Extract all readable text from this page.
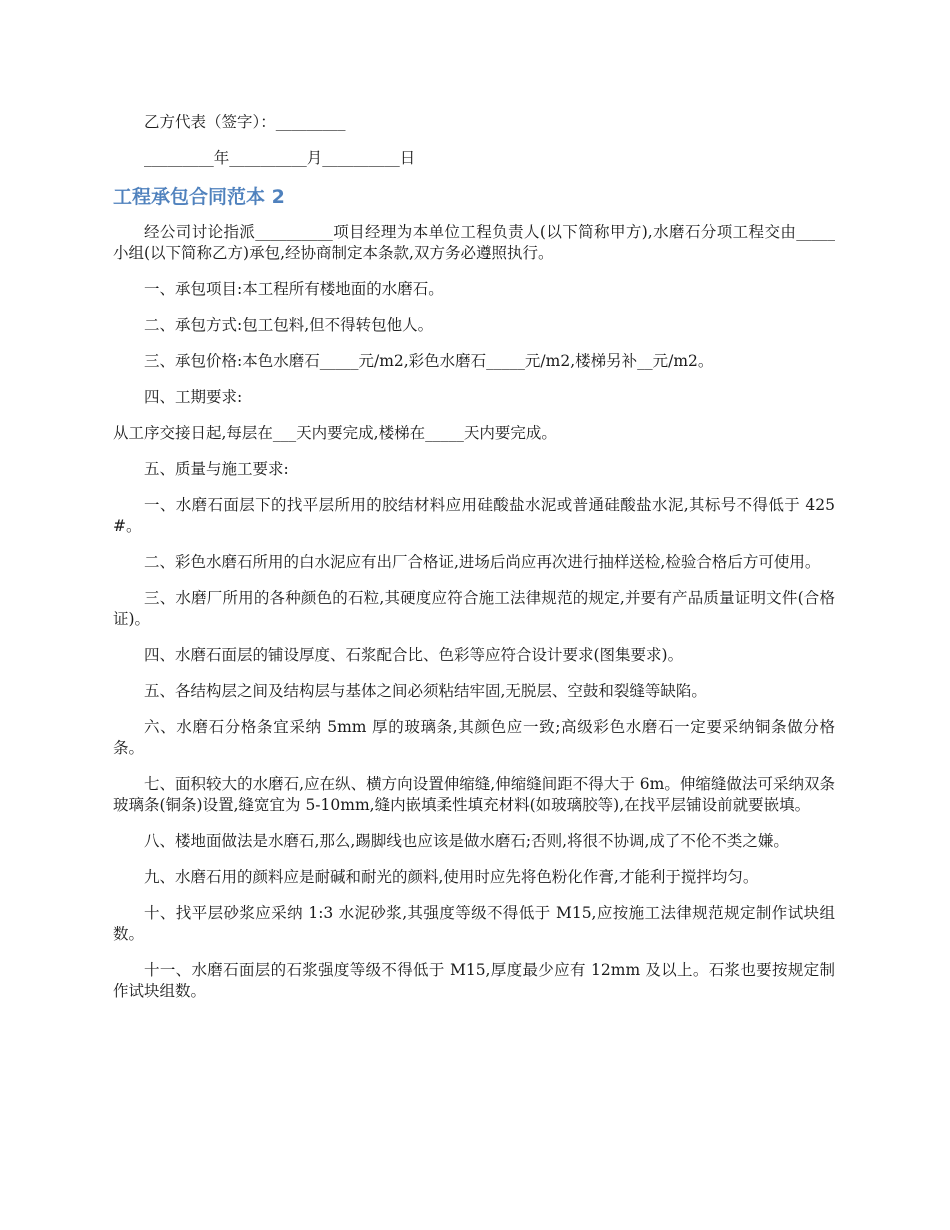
乙方代表（签字）：_________

_________年__________月__________日

工程承包合同范本 2

经公司讨论指派__________项目经理为本单位工程负责人(以下简称甲方),水磨石分项工程交由_____小组(以下简称乙方)承包,经协商制定本条款,双方务必遵照执行。

一、承包项目:本工程所有楼地面的水磨石。

二、承包方式:包工包料,但不得转包他人。

三、承包价格:本色水磨石_____元/m2,彩色水磨石_____元/m2,楼梯另补__元/m2。

四、工期要求:

从工序交接日起,每层在___天内要完成,楼梯在_____天内要完成。

五、质量与施工要求:

一、水磨石面层下的找平层所用的胶结材料应用硅酸盐水泥或普通硅酸盐水泥,其标号不得低于 425#。

二、彩色水磨石所用的白水泥应有出厂合格证,进场后尚应再次进行抽样送检,检验合格后方可使用。

三、水磨厂所用的各种颜色的石粒,其硬度应符合施工法律规范的规定,并要有产品质量证明文件(合格证)。

四、水磨石面层的铺设厚度、石浆配合比、色彩等应符合设计要求(图集要求)。

五、各结构层之间及结构层与基体之间必须粘结牢固,无脱层、空鼓和裂缝等缺陷。

六、水磨石分格条宜采纳 5mm 厚的玻璃条,其颜色应一致;高级彩色水磨石一定要采纳铜条做分格条。

七、面积较大的水磨石,应在纵、横方向设置伸缩缝,伸缩缝间距不得大于 6m。伸缩缝做法可采纳双条玻璃条(铜条)设置,缝宽宜为 5-10mm,缝内嵌填柔性填充材料(如玻璃胶等),在找平层铺设前就要嵌填。

八、楼地面做法是水磨石,那么,踢脚线也应该是做水磨石;否则,将很不协调,成了不伦不类之嫌。

九、水磨石用的颜料应是耐碱和耐光的颜料,使用时应先将色粉化作膏,才能利于搅拌均匀。

十、找平层砂浆应采纳 1:3 水泥砂浆,其强度等级不得低于 M15,应按施工法律规范规定制作试块组数。

十一、水磨石面层的石浆强度等级不得低于 M15,厚度最少应有 12mm 及以上。石浆也要按规定制作试块组数。
